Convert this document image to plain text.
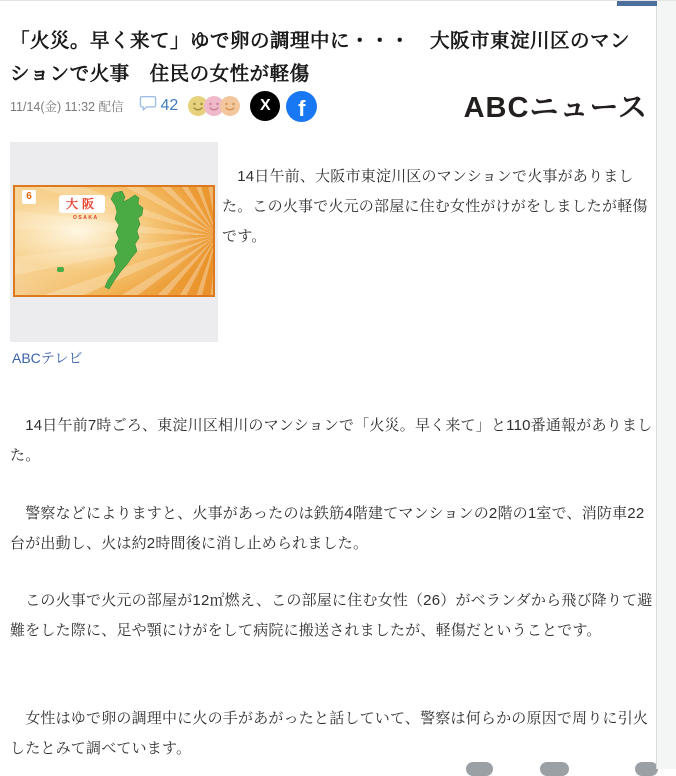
「火災。早く来て」ゆで卵の調理中に・・・　大阪市東淀川区のマンションで火事　住民の女性が軽傷
11/14(金) 11:32 配信 42	X f	ABCニュース
6
大阪
OSAKA
ABCテレビ

　14日午前、大阪市東淀川区のマンションで火事がありました。この火事で火元の部屋に住む女性がけがをしましたが軽傷です。

　14日午前7時ごろ、東淀川区相川のマンションで「火災。早く来て」と110番通報がありました。

　警察などによりますと、火事があったのは鉄筋4階建てマンションの2階の1室で、消防車22台が出動し、火は約2時間後に消し止められました。

　この火事で火元の部屋が12㎡燃え、この部屋に住む女性（26）がベランダから飛び降りて避難をした際に、足や顎にけがをして病院に搬送されましたが、軽傷だということです。

　女性はゆで卵の調理中に火の手があがったと話していて、警察は何らかの原因で周りに引火したとみて調べています。
